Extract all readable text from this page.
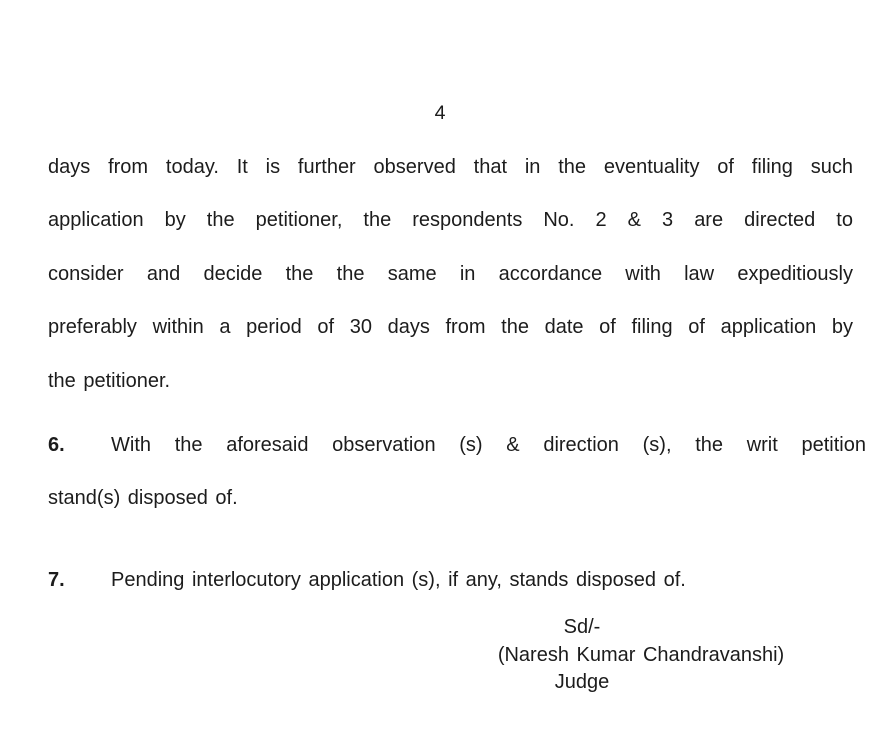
4
days from today. It is further observed that in the eventuality of filing such
application by the petitioner, the respondents No. 2 & 3 are directed to
consider and decide the the same in accordance with law expeditiously
preferably within a period of 30 days from the date of filing of application by
the petitioner.
6. With the aforesaid observation (s) & direction (s), the writ petition
stand(s) disposed of.
7. Pending interlocutory application (s), if any, stands disposed of.
Sd/-
(Naresh Kumar Chandravanshi)
Judge
